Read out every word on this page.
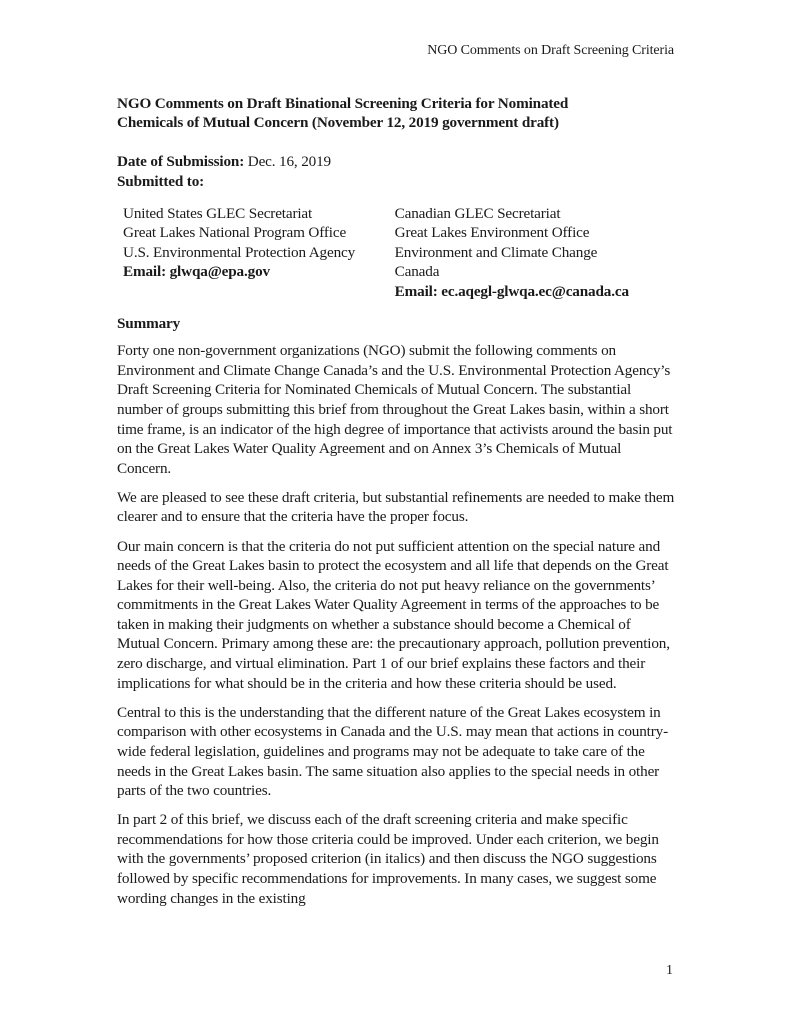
NGO Comments on Draft Screening Criteria
NGO Comments on Draft Binational Screening Criteria for Nominated
Chemicals of Mutual Concern (November 12, 2019 government draft)
Date of Submission: Dec. 16, 2019
Submitted to:
United States GLEC Secretariat
Great Lakes National Program Office
U.S. Environmental Protection Agency
Email: glwqa@epa.gov
Canadian GLEC Secretariat
Great Lakes Environment Office
Environment and Climate Change
Canada
Email: ec.aqegl-glwqa.ec@canada.ca
Summary

Forty one non-government organizations (NGO) submit the following comments on Environment and Climate Change Canada’s and the U.S. Environmental Protection Agency’s Draft Screening Criteria for Nominated Chemicals of Mutual Concern. The substantial number of groups submitting this brief from throughout the Great Lakes basin, within a short time frame, is an indicator of the high degree of importance that activists around the basin put on the Great Lakes Water Quality Agreement and on Annex 3’s Chemicals of Mutual Concern.

We are pleased to see these draft criteria, but substantial refinements are needed to make them clearer and to ensure that the criteria have the proper focus.

Our main concern is that the criteria do not put sufficient attention on the special nature and needs of the Great Lakes basin to protect the ecosystem and all life that depends on the Great Lakes for their well-being. Also, the criteria do not put heavy reliance on the governments’ commitments in the Great Lakes Water Quality Agreement in terms of the approaches to be taken in making their judgments on whether a substance should become a Chemical of Mutual Concern. Primary among these are: the precautionary approach, pollution prevention, zero discharge, and virtual elimination. Part 1 of our brief explains these factors and their implications for what should be in the criteria and how these criteria should be used.

Central to this is the understanding that the different nature of the Great Lakes ecosystem in comparison with other ecosystems in Canada and the U.S. may mean that actions in country-wide federal legislation, guidelines and programs may not be adequate to take care of the needs in the Great Lakes basin. The same situation also applies to the special needs in other parts of the two countries.

In part 2 of this brief, we discuss each of the draft screening criteria and make specific recommendations for how those criteria could be improved. Under each criterion, we begin with the governments’ proposed criterion (in italics) and then discuss the NGO suggestions followed by specific recommendations for improvements. In many cases, we suggest some wording changes in the existing

1
